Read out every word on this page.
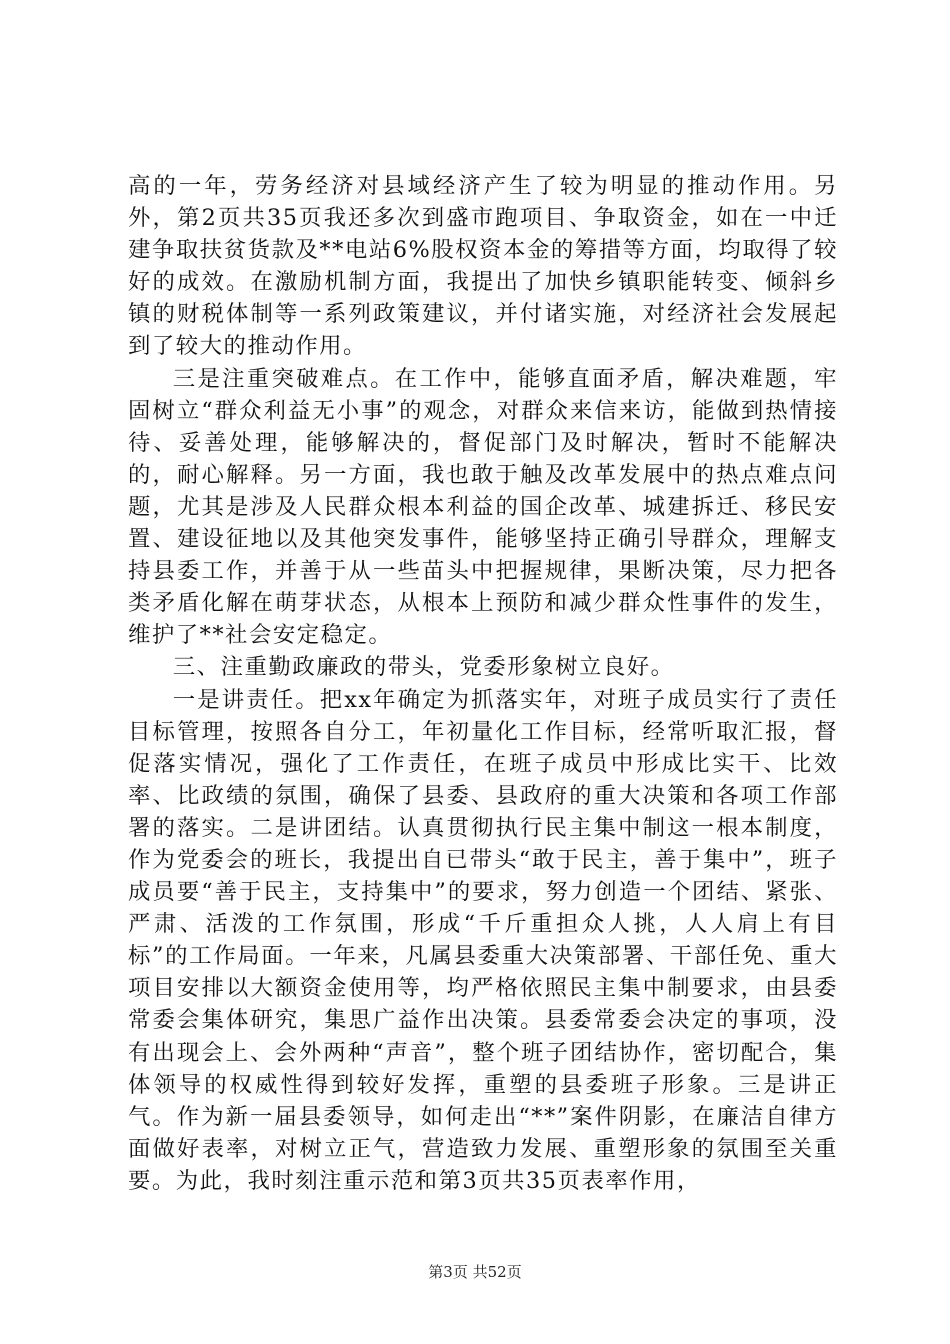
高的一年，劳务经济对县域经济产生了较为明显的推动作用。另外，第2页共35页我还多次到盛市跑项目、争取资金，如在一中迁建争取扶贫货款及**电站6%股权资本金的筹措等方面，均取得了较好的成效。在激励机制方面，我提出了加快乡镇职能转变、倾斜乡镇的财税体制等一系列政策建议，并付诸实施，对经济社会发展起到了较大的推动作用。

三是注重突破难点。在工作中，能够直面矛盾，解决难题，牢固树立“群众利益无小事”的观念，对群众来信来访，能做到热情接待、妥善处理，能够解决的，督促部门及时解决，暂时不能解决的，耐心解释。另一方面，我也敢于触及改革发展中的热点难点问题，尤其是涉及人民群众根本利益的国企改革、城建拆迁、移民安置、建设征地以及其他突发事件，能够坚持正确引导群众，理解支持县委工作，并善于从一些苗头中把握规律，果断决策，尽力把各类矛盾化解在萌芽状态，从根本上预防和减少群众性事件的发生，维护了**社会安定稳定。

三、注重勤政廉政的带头，党委形象树立良好。

一是讲责任。把xx年确定为抓落实年，对班子成员实行了责任目标管理，按照各自分工，年初量化工作目标，经常听取汇报，督促落实情况，强化了工作责任，在班子成员中形成比实干、比效率、比政绩的氛围，确保了县委、县政府的重大决策和各项工作部署的落实。二是讲团结。认真贯彻执行民主集中制这一根本制度，作为党委会的班长，我提出自已带头“敢于民主，善于集中”，班子成员要“善于民主，支持集中”的要求，努力创造一个团结、紧张、严肃、活泼的工作氛围，形成“千斤重担众人挑，人人肩上有目标”的工作局面。一年来，凡属县委重大决策部署、干部任免、重大项目安排以大额资金使用等，均严格依照民主集中制要求，由县委常委会集体研究，集思广益作出决策。县委常委会决定的事项，没有出现会上、会外两种“声音”，整个班子团结协作，密切配合，集体领导的权威性得到较好发挥，重塑的县委班子形象。三是讲正气。作为新一届县委领导，如何走出“**”案件阴影，在廉洁自律方面做好表率，对树立正气，营造致力发展、重塑形象的氛围至关重要。为此，我时刻注重示范和第3页共35页表率作用，

第3页 共52页
